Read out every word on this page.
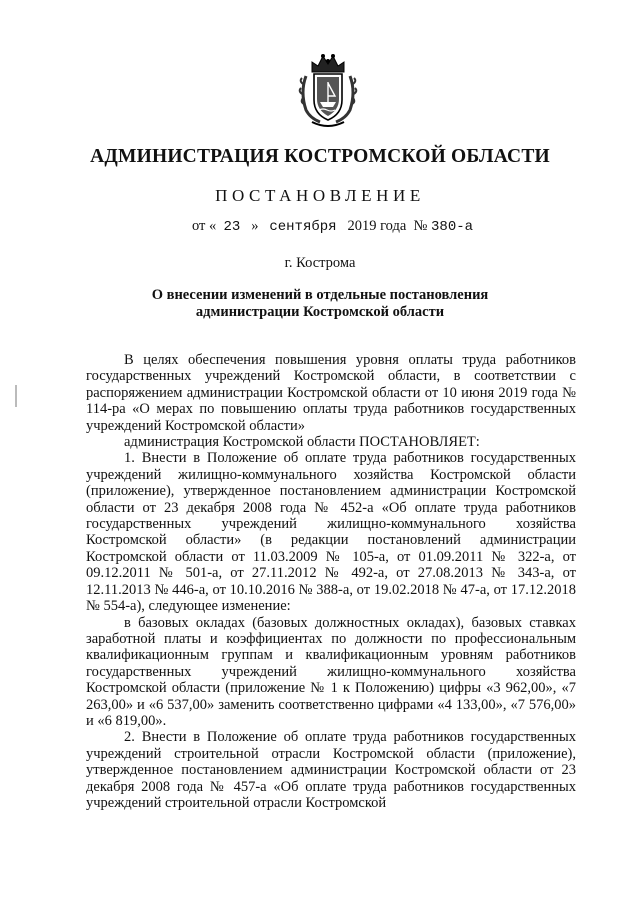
АДМИНИСТРАЦИЯ КОСТРОМСКОЙ ОБЛАСТИ
ПОСТАНОВЛЕНИЕ
от « 23 » сентября 2019 года № 380-а
г. Кострома
О внесении изменений в отдельные постановления
администрации Костромской области

В целях обеспечения повышения уровня оплаты труда работников государственных учреждений Костромской области, в соответствии с распоряжением администрации Костромской области от 10 июня 2019 года № 114-ра «О мерах по повышению оплаты труда работников государственных учреждений Костромской области»

администрация Костромской области ПОСТАНОВЛЯЕТ:

1. Внести в Положение об оплате труда работников государственных учреждений жилищно-коммунального хозяйства Костромской области (приложение), утвержденное постановлением администрации Костромской области от 23 декабря 2008 года № 452-а «Об оплате труда работников государственных учреждений жилищно-коммунального хозяйства Костромской области» (в редакции постановлений администрации Костромской области от 11.03.2009 № 105-а, от 01.09.2011 № 322-а, от 09.12.2011 № 501-а, от 27.11.2012 № 492-а, от 27.08.2013 № 343-а, от 12.11.2013 № 446-а, от 10.10.2016 № 388-а, от 19.02.2018 № 47-а, от 17.12.2018 № 554-а), следующее изменение:

в базовых окладах (базовых должностных окладах), базовых ставках заработной платы и коэффициентах по должности по профессиональным квалификационным группам и квалификационным уровням работников государственных учреждений жилищно-коммунального хозяйства Костромской области (приложение № 1 к Положению) цифры «3 962,00», «7 263,00» и «6 537,00» заменить соответственно цифрами «4 133,00», «7 576,00» и «6 819,00».

2. Внести в Положение об оплате труда работников государственных учреждений строительной отрасли Костромской области (приложение), утвержденное постановлением администрации Костромской области от 23 декабря 2008 года № 457-а «Об оплате труда работников государственных учреждений строительной отрасли Костромской
